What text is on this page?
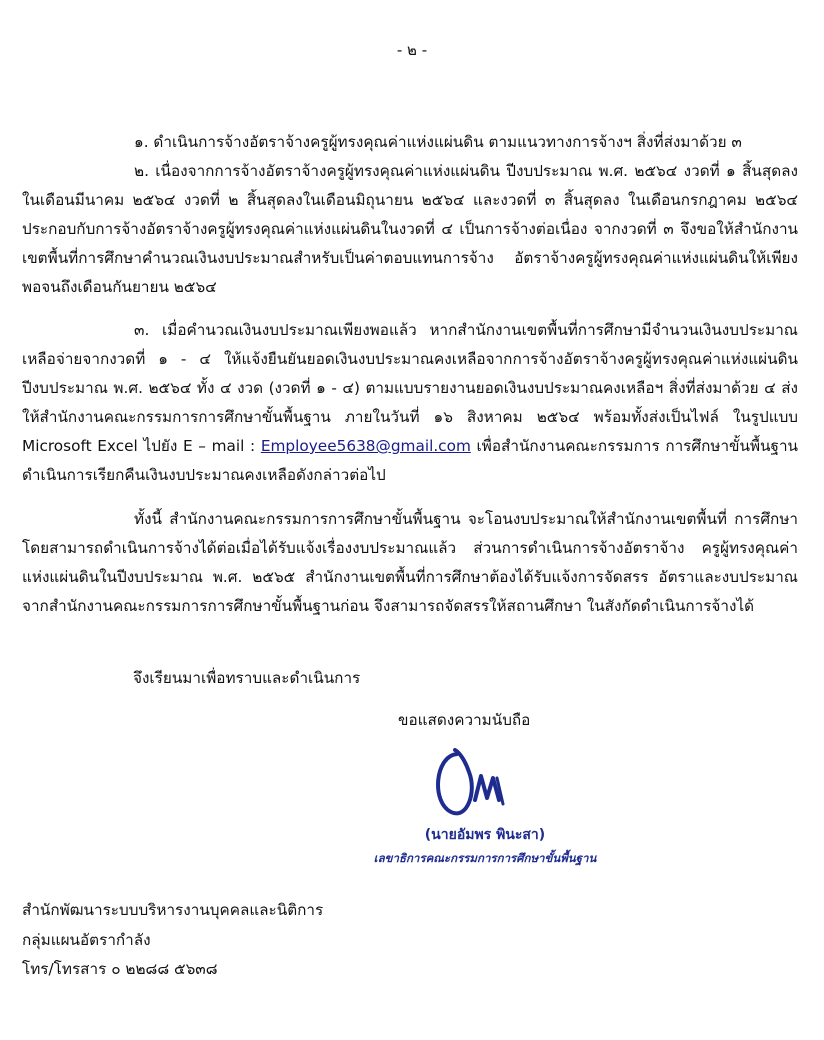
- ๒ -

๑. ดำเนินการจ้างอัตราจ้างครูผู้ทรงคุณค่าแห่งแผ่นดิน ตามแนวทางการจ้างฯ สิ่งที่ส่งมาด้วย ๓

๒. เนื่องจากการจ้างอัตราจ้างครูผู้ทรงคุณค่าแห่งแผ่นดิน ปีงบประมาณ พ.ศ. ๒๕๖๔ งวดที่ ๑ สิ้นสุดลงในเดือนมีนาคม ๒๕๖๔ งวดที่ ๒ สิ้นสุดลงในเดือนมิถุนายน ๒๕๖๔ และงวดที่ ๓ สิ้นสุดลง ในเดือนกรกฎาคม ๒๕๖๔ ประกอบกับการจ้างอัตราจ้างครูผู้ทรงคุณค่าแห่งแผ่นดินในงวดที่ ๔ เป็นการจ้างต่อเนื่อง จากงวดที่ ๓ จึงขอให้สำนักงานเขตพื้นที่การศึกษาคำนวณเงินงบประมาณสำหรับเป็นค่าตอบแทนการจ้าง อัตราจ้างครูผู้ทรงคุณค่าแห่งแผ่นดินให้เพียงพอจนถึงเดือนกันยายน ๒๕๖๔

๓. เมื่อคำนวณเงินงบประมาณเพียงพอแล้ว หากสำนักงานเขตพื้นที่การศึกษามีจำนวนเงินงบประมาณ เหลือจ่ายจากงวดที่ ๑ - ๔ ให้แจ้งยืนยันยอดเงินงบประมาณคงเหลือจากการจ้างอัตราจ้างครูผู้ทรงคุณค่าแห่งแผ่นดิน ปีงบประมาณ พ.ศ. ๒๕๖๔ ทั้ง ๔ งวด (งวดที่ ๑ - ๔) ตามแบบรายงานยอดเงินงบประมาณคงเหลือฯ สิ่งที่ส่งมาด้วย ๔ ส่งให้สำนักงานคณะกรรมการการศึกษาขั้นพื้นฐาน ภายในวันที่ ๑๖ สิงหาคม ๒๕๖๔ พร้อมทั้งส่งเป็นไฟล์ ในรูปแบบ Microsoft Excel ไปยัง E – mail : Employee5638@gmail.com เพื่อสำนักงานคณะกรรมการ การศึกษาขั้นพื้นฐานดำเนินการเรียกคืนเงินงบประมาณคงเหลือดังกล่าวต่อไป

ทั้งนี้ สำนักงานคณะกรรมการการศึกษาขั้นพื้นฐาน จะโอนงบประมาณให้สำนักงานเขตพื้นที่ การศึกษา โดยสามารถดำเนินการจ้างได้ต่อเมื่อได้รับแจ้งเรื่องงบประมาณแล้ว ส่วนการดำเนินการจ้างอัตราจ้าง ครูผู้ทรงคุณค่าแห่งแผ่นดินในปีงบประมาณ พ.ศ. ๒๕๖๕ สำนักงานเขตพื้นที่การศึกษาต้องได้รับแจ้งการจัดสรร อัตราและงบประมาณจากสำนักงานคณะกรรมการการศึกษาขั้นพื้นฐานก่อน จึงสามารถจัดสรรให้สถานศึกษา ในสังกัดดำเนินการจ้างได้

จึงเรียนมาเพื่อทราบและดำเนินการ
ขอแสดงความนับถือ
(นายอัมพร พินะสา)
เลขาธิการคณะกรรมการการศึกษาขั้นพื้นฐาน
สำนักพัฒนาระบบบริหารงานบุคคลและนิติการ
กลุ่มแผนอัตรากำลัง
โทร/โทรสาร ๐ ๒๒๘๘ ๕๖๓๘
